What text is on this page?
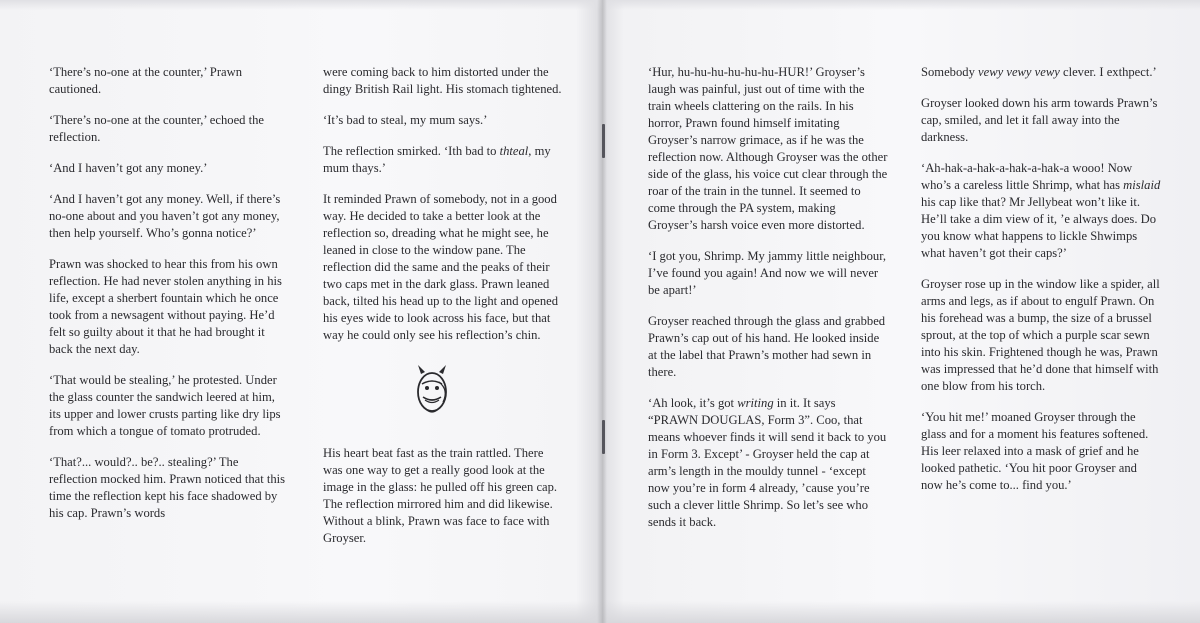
‘There’s no-one at the counter,’ Prawn cautioned.

‘There’s no-one at the counter,’ echoed the reflection.

‘And I haven’t got any money.’

‘And I haven’t got any money. Well, if there’s no-one about and you haven’t got any money, then help yourself. Who’s gonna notice?’

Prawn was shocked to hear this from his own reflection. He had never stolen anything in his life, except a sherbert fountain which he once took from a newsagent without paying. He’d felt so guilty about it that he had brought it back the next day.

‘That would be stealing,’ he protested. Under the glass counter the sandwich leered at him, its upper and lower crusts parting like dry lips from which a tongue of tomato protruded.

‘That?... would?.. be?.. stealing?’ The reflection mocked him. Prawn noticed that this time the reflection kept his face shadowed by his cap. Prawn’s words

were coming back to him distorted under the dingy British Rail light. His stomach tightened.

‘It’s bad to steal, my mum says.’

The reflection smirked. ‘Ith bad to thteal, my mum thays.’

It reminded Prawn of somebody, not in a good way. He decided to take a better look at the reflection so, dreading what he might see, he leaned in close to the window pane. The reflection did the same and the peaks of their two caps met in the dark glass. Prawn leaned back, tilted his head up to the light and opened his eyes wide to look across his face, but that way he could only see his reflection’s chin.

His heart beat fast as the train rattled. There was one way to get a really good look at the image in the glass: he pulled off his green cap. The reflection mirrored him and did likewise. Without a blink, Prawn was face to face with Groyser.

‘Hur, hu-hu-hu-hu-hu-hu-HUR!’ Groyser’s laugh was painful, just out of time with the train wheels clattering on the rails. In his horror, Prawn found himself imitating Groyser’s narrow grimace, as if he was the reflection now. Although Groyser was the other side of the glass, his voice cut clear through the roar of the train in the tunnel. It seemed to come through the PA system, making Groyser’s harsh voice even more distorted.

‘I got you, Shrimp. My jammy little neighbour, I’ve found you again! And now we will never be apart!’

Groyser reached through the glass and grabbed Prawn’s cap out of his hand. He looked inside at the label that Prawn’s mother had sewn in there.

‘Ah look, it’s got writing in it. It says “PRAWN DOUGLAS, Form 3”. Coo, that means whoever finds it will send it back to you in Form 3. Except’ - Groyser held the cap at arm’s length in the mouldy tunnel - ‘except now you’re in form 4 already, ’cause you’re such a clever little Shrimp. So let’s see who sends it back.

Somebody vewy vewy vewy clever. I exthpect.’

Groyser looked down his arm towards Prawn’s cap, smiled, and let it fall away into the darkness.

‘Ah-hak-a-hak-a-hak-a-hak-a wooo! Now who’s a careless little Shrimp, what has mislaid his cap like that? Mr Jellybeat won’t like it. He’ll take a dim view of it, ’e always does. Do you know what happens to lickle Shwimps what haven’t got their caps?’

Groyser rose up in the window like a spider, all arms and legs, as if about to engulf Prawn. On his forehead was a bump, the size of a brussel sprout, at the top of which a purple scar sewn into his skin. Frightened though he was, Prawn was impressed that he’d done that himself with one blow from his torch.

‘You hit me!’ moaned Groyser through the glass and for a moment his features softened. His leer relaxed into a mask of grief and he looked pathetic. ‘You hit poor Groyser and now he’s come to... find you.’
